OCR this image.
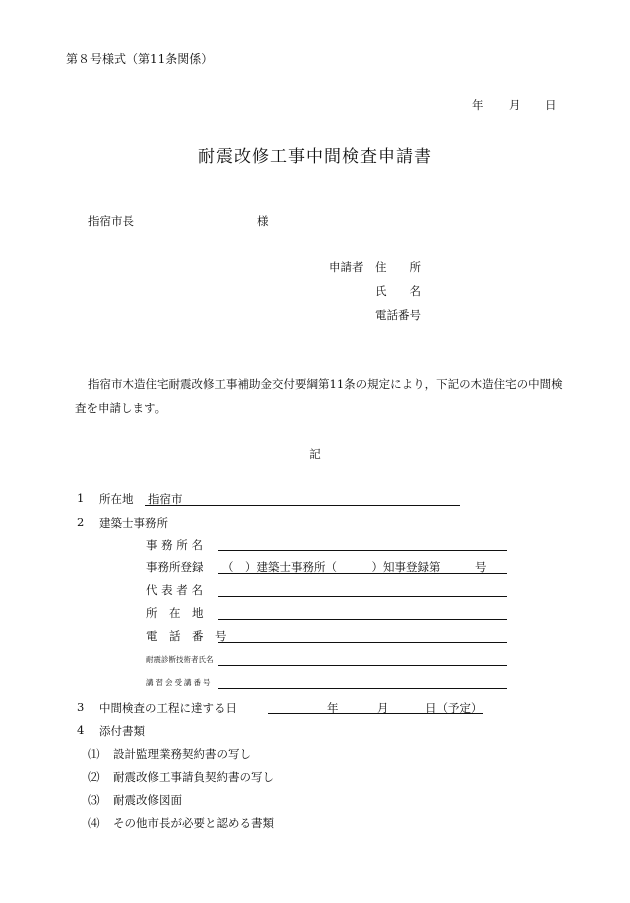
第８号様式（第11条関係）
年 月 日
耐震改修工事中間検査申請書
指宿市長	様
申請者 住　　所
氏　　名
電話番号
指宿市木造住宅耐震改修工事補助金交付要綱第11条の規定により，下記の木造住宅の中間検
査を申請します。
記
1 所在地 指宿市
2 建築士事務所
事 務 所 名
事務所登録 （　）建築士事務所（　　　）知事登録第　　　号
代 表 者 名
所　在　地
電　話　番　号
耐震診断技術者氏名
講習会受講番号
3 中間検査の工程に達する日	年	月	日（予定）
4 添付書類
⑴ 設計監理業務契約書の写し
⑵ 耐震改修工事請負契約書の写し
⑶ 耐震改修図面
⑷ その他市長が必要と認める書類
